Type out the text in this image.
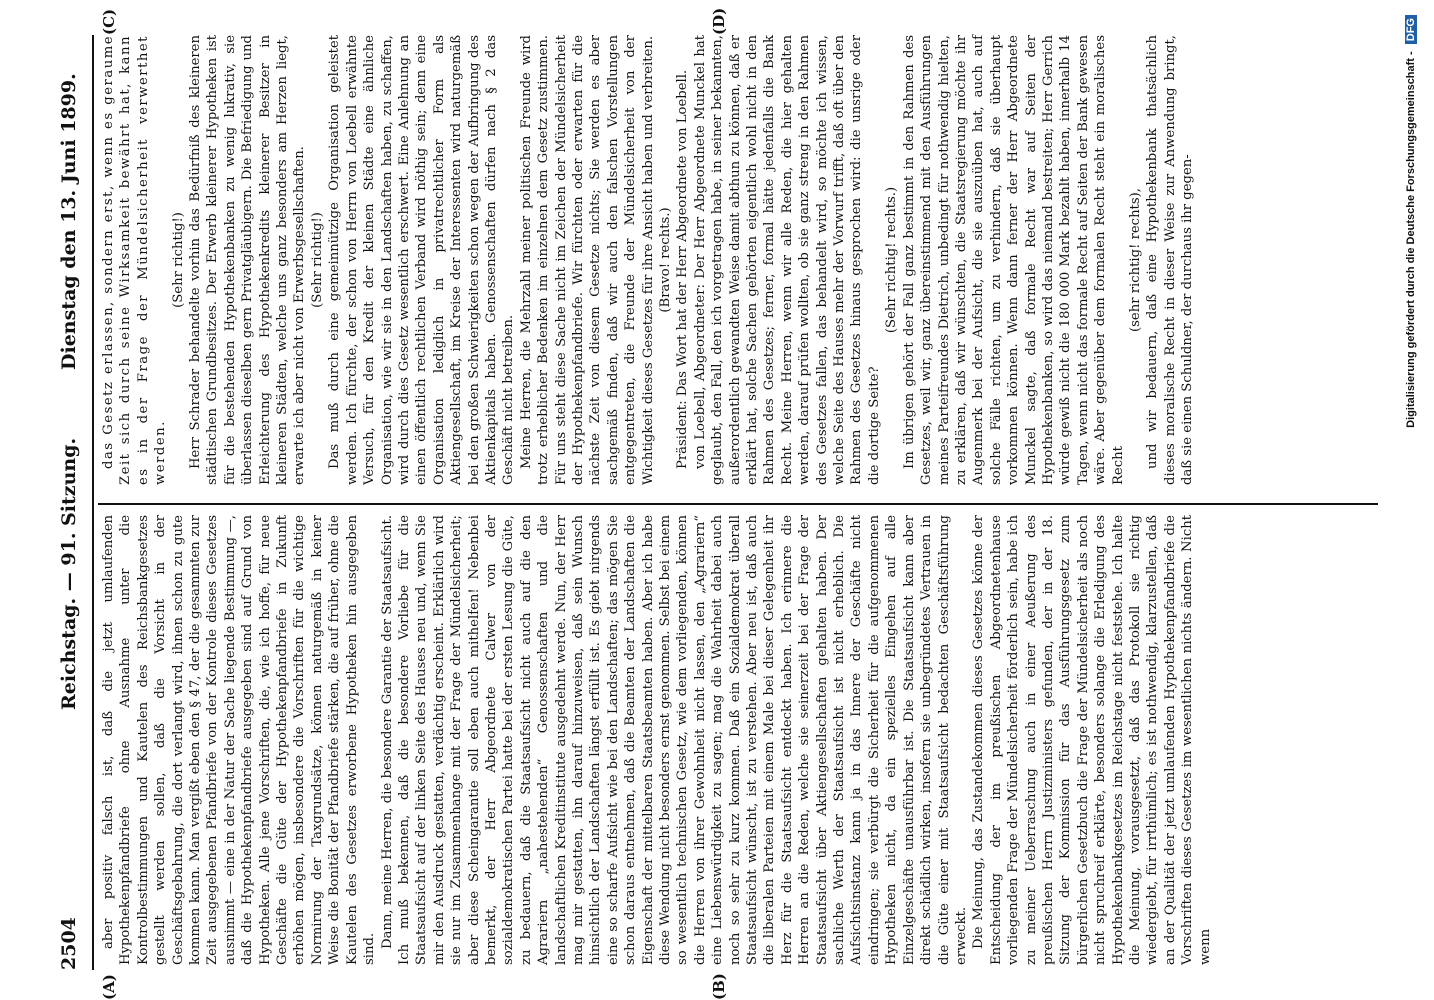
2504
Reichstag. — 91. Sitzung.
Dienstag den 13. Juni 1899.
(A)	(B)
(C)	(D)

aber positiv falsch ist, daß die jetzt umlaufenden Hypothekenpfandbriefe ohne Ausnahme unter die Kontrolbestimmungen und Kautelen des Reichsbankgesetzes gestellt werden sollen, daß die Vorsicht in der Geschäftsgebahrung, die dort verlangt wird, ihnen schon zu gute kommen kann. Man vergißt eben den § 47, der die gesammten zur Zeit ausgegebenen Pfandbriefe von der Kontrole dieses Gesetzes ausnimmt — eine in der Natur der Sache liegende Bestimmung —, daß die Hypothekenpfandbriefe ausgegeben sind auf Grund von Hypotheken. Alle jene Vorschriften, die, wie ich hoffe, für neue Geschäfte die Güte der Hypothekenpfandbriefe in Zukunft erhöhen mögen, insbesondere die Vorschriften für die wichtige Normirung der Taxgrundsätze, können naturgemäß in keiner Weise die Bonität der Pfandbriefe stärken, die auf früher, ohne die Kautelen des Gesetzes erworbene Hypotheken hin ausgegeben sind. Dann, meine Herren, die besondere Garantie der Staatsaufsicht. Ich muß bekennen, daß die besondere Vorliebe für die Staatsaufsicht auf der linken Seite des Hauses neu und, wenn Sie mir den Ausdruck gestatten, verdächtig erscheint. Erklärlich wird sie nur im Zusammenhange mit der Frage der Mündelsicherheit; aber diese Scheingarantie soll eben auch mithelfen! Nebenbei bemerkt, der Herr Abgeordnete Calwer von der sozialdemokratischen Partei hatte bei der ersten Lesung die Güte, zu bedauern, daß die Staatsaufsicht nicht auch auf die den Agrariern „nahestehenden“ Genossenschaften und die landschaftlichen Kreditinstitute ausgedehnt werde. Nun, der Herr mag mir gestatten, ihn darauf hinzuweisen, daß sein Wunsch hinsichtlich der Landschaften längst erfüllt ist. Es giebt nirgends eine so scharfe Aufsicht wie bei den Landschaften; das mögen Sie schon daraus entnehmen, daß die Beamten der Landschaften die Eigenschaft der mittelbaren Staatsbeamten haben. Aber ich habe diese Wendung nicht besonders ernst genommen. Selbst bei einem so wesentlich technischen Gesetz, wie dem vorliegenden, können die Herren von ihrer Gewohnheit nicht lassen, den „Agrariern“ eine Liebenswürdigkeit zu sagen; mag die Wahrheit dabei auch noch so sehr zu kurz kommen. Daß ein Sozialdemokrat überall Staatsaufsicht wünscht, ist zu verstehen. Aber neu ist, daß auch die liberalen Parteien mit einem Male bei dieser Gelegenheit ihr Herz für die Staatsaufsicht entdeckt haben. Ich erinnere die Herren an die Reden, welche sie seinerzeit bei der Frage der Staatsaufsicht über Aktiengesellschaften gehalten haben. Der sachliche Werth der Staatsaufsicht ist nicht erheblich. Die Aufsichtsinstanz kann ja in das Innere der Geschäfte nicht eindringen; sie verbürgt die Sicherheit für die aufgenommenen Hypotheken nicht, da ein spezielles Eingehen auf alle Einzelgeschäfte unausführbar ist. Die Staatsaufsicht kann aber direkt schädlich wirken, insofern sie unbegründetes Vertrauen in die Güte einer mit Staatsaufsicht bedachten Geschäftsführung erweckt. Die Meinung, das Zustandekommen dieses Gesetzes könne der Entscheidung der im preußischen Abgeordnetenhause vorliegenden Frage der Mündelsicherheit förderlich sein, habe ich zu meiner Ueberraschung auch in einer Aeußerung des preußischen Herrn Justizministers gefunden, der in der 18. Sitzung der Kommission für das Ausführungsgesetz zum bürgerlichen Gesetzbuch die Frage der Mündelsicherheit als noch nicht spruchreif erklärte, besonders solange die Erledigung des Hypothekenbankgesetzes im Reichstage nicht feststehe. Ich halte die Meinung, vorausgesetzt, daß das Protokoll sie richtig wiedergiebt, für irrthümlich; es ist nothwendig, klarzustellen, daß an der Qualität der jetzt umlaufenden Hypothekenpfandbriefe die Vorschriften dieses Gesetzes im wesentlichen nichts ändern. Nicht wenn

das Gesetz erlassen, sondern erst, wenn es geraume Zeit sich durch seine Wirksamkeit bewährt hat, kann es in der Frage der Mündelsicherheit verwerthet werden.

(Sehr richtig!) Herr Schrader behandelte vorhin das Bedürfniß des kleineren städtischen Grundbesitzes. Der Erwerb kleinerer Hypotheken ist für die bestehenden Hypothekenbanken zu wenig lukrativ, sie überlassen dieselben gern Privatgläubigern. Die Befriedigung und Erleichterung des Hypothekenkredits kleinerer Besitzer in kleineren Städten, welche uns ganz besonders am Herzen liegt, erwarte ich aber nicht von Erwerbsgesellschaften. (Sehr richtig!) Das muß durch eine gemeinnützige Organisation geleistet werden. Ich fürchte, der schon von Herrn von Loebell erwähnte Versuch, für den Kredit der kleinen Städte eine ähnliche Organisation, wie wir sie in den Landschaften haben, zu schaffen, wird durch dies Gesetz wesentlich erschwert. Eine Anlehnung an einen öffentlich rechtlichen Verband wird nöthig sein; denn eine Organisation lediglich in privatrechtlicher Form als Aktiengesellschaft, im Kreise der Interessenten wird naturgemäß bei den großen Schwierigkeiten schon wegen der Aufbringung des Aktienkapitals haben. Genossenschaften dürfen nach § 2 das Geschäft nicht betreiben. Meine Herren, die Mehrzahl meiner politischen Freunde wird trotz erheblicher Bedenken im einzelnen dem Gesetz zustimmen. Für uns steht diese Sache nicht im Zeichen der Mündelsicherheit der Hypothekenpfandbriefe. Wir fürchten oder erwarten für die nächste Zeit von diesem Gesetze nichts; Sie werden es aber sachgemäß finden, daß wir auch den falschen Vorstellungen entgegentreten, die Freunde der Mündelsicherheit von der Wichtigkeit dieses Gesetzes für ihre Ansicht haben und verbreiten. (Bravo! rechts.) Präsident: Das Wort hat der Herr Abgeordnete von Loebell. von Loebell, Abgeordneter: Der Herr Abgeordnete Munckel hat geglaubt, den Fall, den ich vorgetragen habe, in seiner bekannten, außerordentlich gewandten Weise damit abthun zu können, daß er erklärt hat, solche Sachen gehörten eigentlich wohl nicht in den Rahmen des Gesetzes; ferner, formal hätte jedenfalls die Bank Recht. Meine Herren, wenn wir alle Reden, die hier gehalten werden, darauf prüfen wollten, ob sie ganz streng in den Rahmen des Gesetzes fallen, das behandelt wird, so möchte ich wissen, welche Seite des Hauses mehr der Vorwurf trifft, daß oft über den Rahmen des Gesetzes hinaus gesprochen wird: die unsrige oder die dortige Seite?

(Sehr richtig! rechts.) Im übrigen gehört der Fall ganz bestimmt in den Rahmen des Gesetzes, weil wir, ganz übereinstimmend mit den Ausführungen meines Parteifreundes Dietrich, unbedingt für nothwendig hielten, zu erklären, daß wir wünschten, die Staatsregierung möchte ihr Augenmerk bei der Aufsicht, die sie auszuüben hat, auch auf solche Fälle richten, um zu verhindern, daß sie überhaupt vorkommen können. Wenn dann ferner der Herr Abgeordnete Munckel sagte, daß formale Recht war auf Seiten der Hypothekenbanken, so wird das niemand bestreiten; Herr Gerrich würde gewiß nicht die 180 000 Mark bezahlt haben, innerhalb 14 Tagen, wenn nicht das formale Recht auf Seiten der Bank gewesen wäre. Aber gegenüber dem formalen Recht steht ein moralisches Recht

(sehr richtig! rechts), und wir bedauern, daß eine Hypothekenbank thatsächlich dieses moralische Recht in dieser Weise zur Anwendung bringt, daß sie einen Schuldner, der durchaus ihr gegen-	Digitalisierung gefördert durch die Deutsche Forschungsgemeinschaft - DFG
